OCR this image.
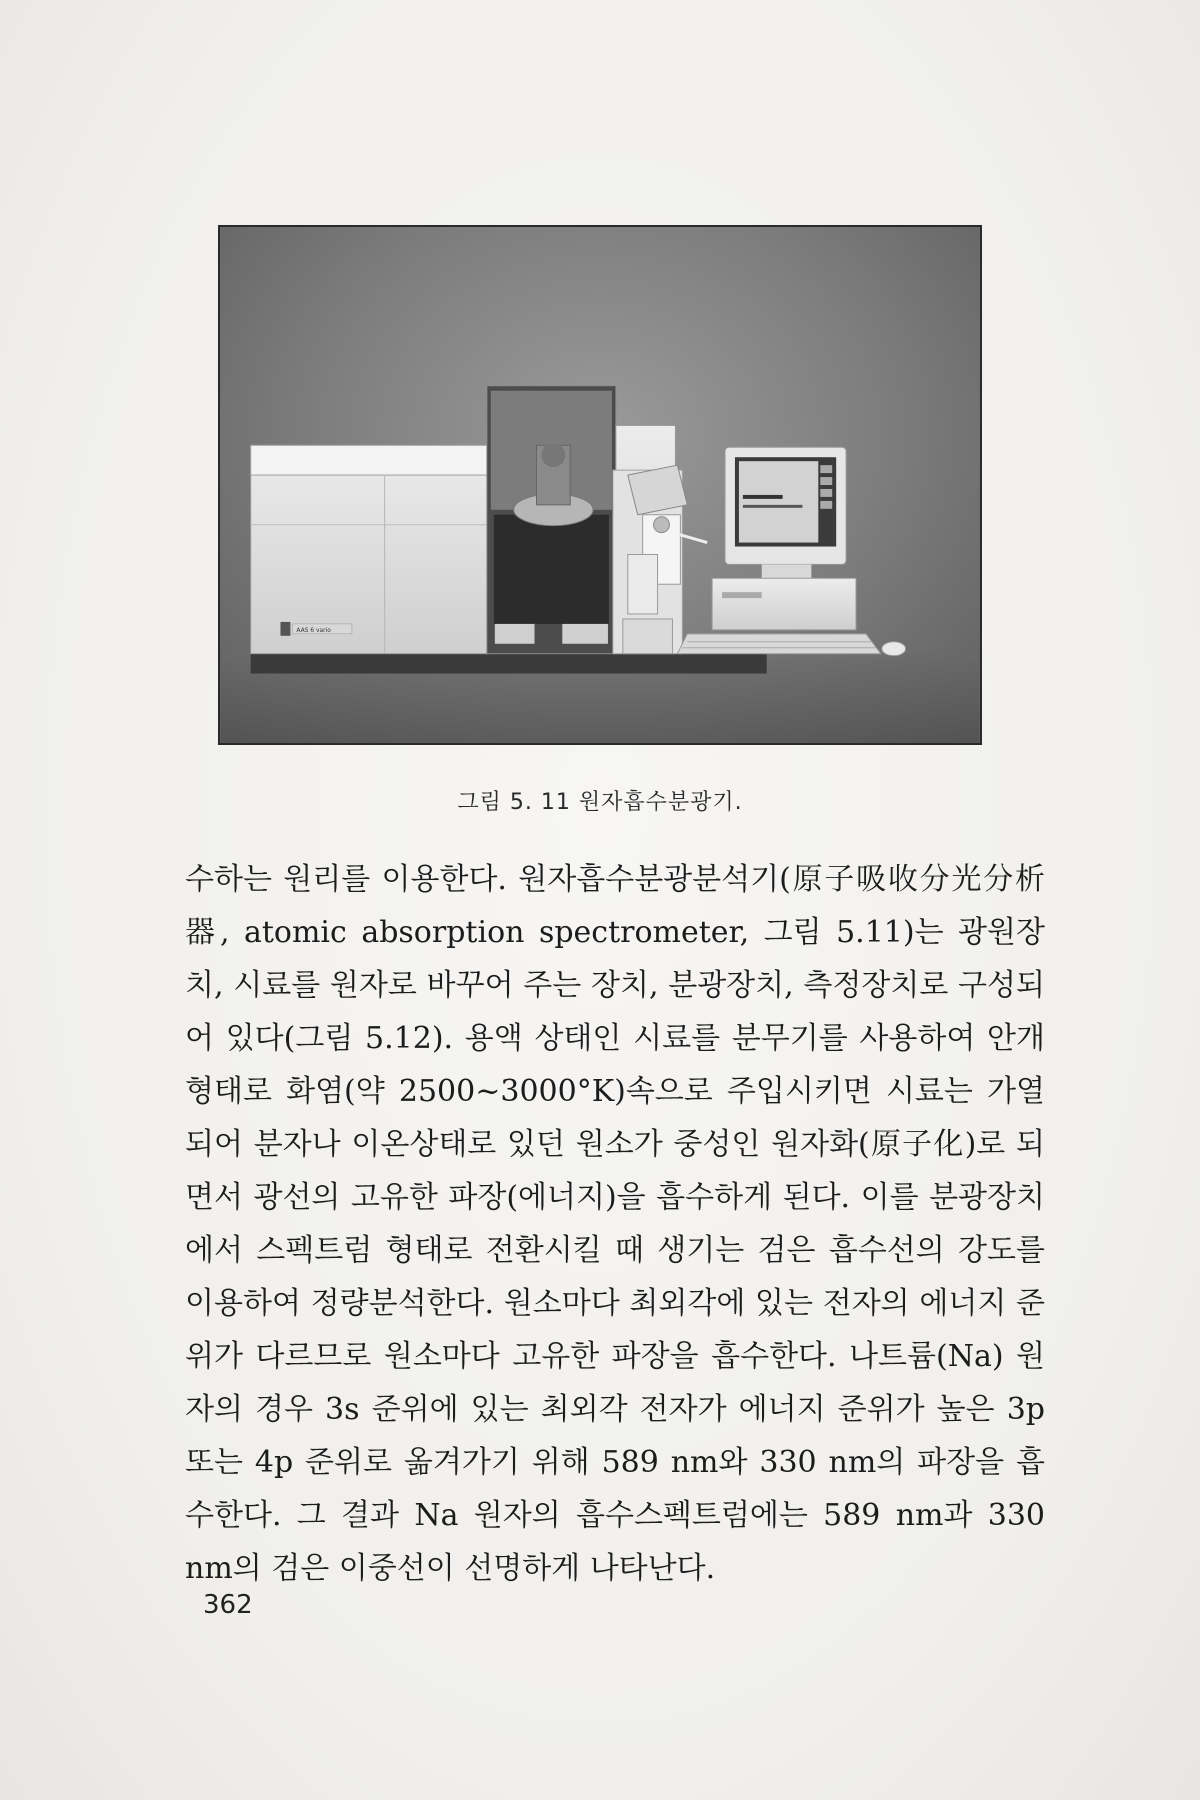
AAS 6 vario
그림 5. 11 원자흡수분광기.

수하는 원리를 이용한다. 원자흡수분광분석기(原子吸收分光分析器, atomic absorption spectrometer, 그림 5.11)는 광원장치, 시료를 원자로 바꾸어 주는 장치, 분광장치, 측정장치로 구성되어 있다(그림 5.12). 용액 상태인 시료를 분무기를 사용하여 안개 형태로 화염(약 2500~3000°K)속으로 주입시키면 시료는 가열되어 분자나 이온상태로 있던 원소가 중성인 원자화(原子化)로 되면서 광선의 고유한 파장(에너지)을 흡수하게 된다. 이를 분광장치에서 스펙트럼 형태로 전환시킬 때 생기는 검은 흡수선의 강도를 이용하여 정량분석한다. 원소마다 최외각에 있는 전자의 에너지 준위가 다르므로 원소마다 고유한 파장을 흡수한다. 나트륨(Na) 원자의 경우 3s 준위에 있는 최외각 전자가 에너지 준위가 높은 3p 또는 4p 준위로 옮겨가기 위해 589 nm와 330 nm의 파장을 흡수한다. 그 결과 Na 원자의 흡수스펙트럼에는 589 nm과 330 nm의 검은 이중선이 선명하게 나타난다.

362
